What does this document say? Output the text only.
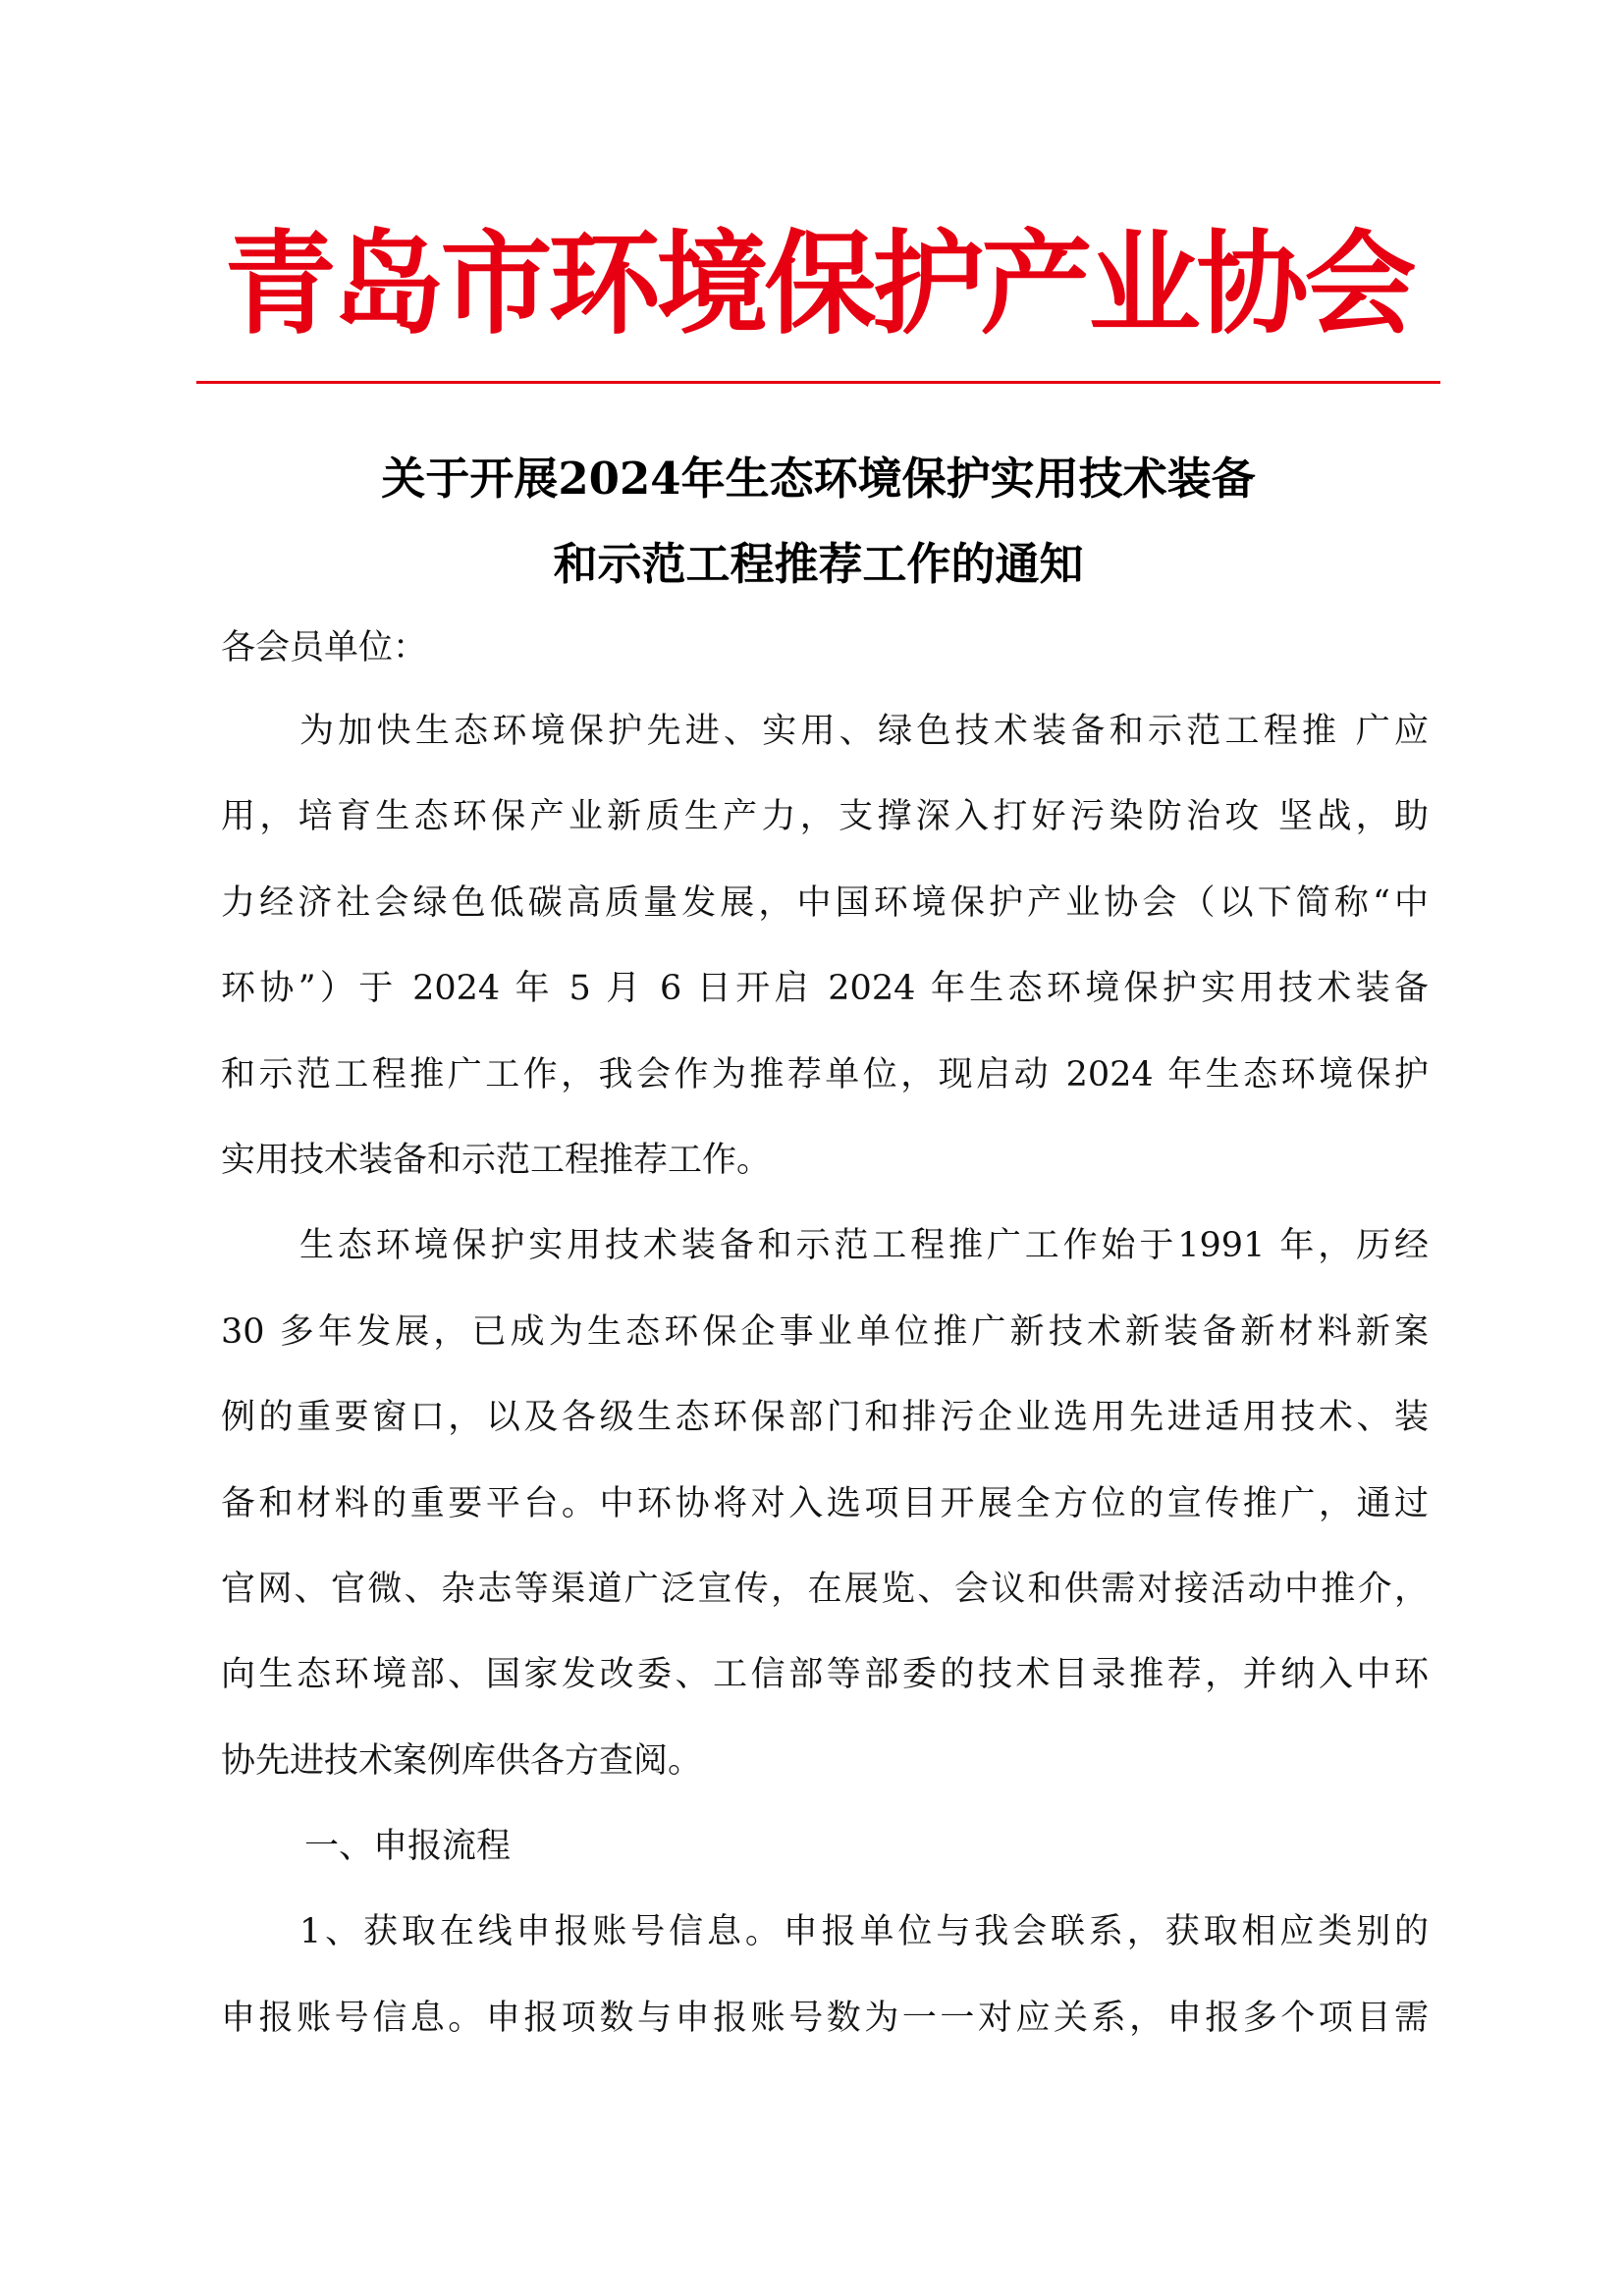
青岛市环境保护产业协会
关于开展2024年生态环境保护实用技术装备
和示范工程推荐工作的通知
各会员单位：
为加快生态环境保护先进、实用、绿色技术装备和示范工程推 广应
用，培育生态环保产业新质生产力，支撑深入打好污染防治攻 坚战，助
力经济社会绿色低碳高质量发展，中国环境保护产业协会（以下简称“中
环协”）于 2024 年 5 月 6 日开启 2024 年生态环境保护实用技术装备
和示范工程推广工作，我会作为推荐单位，现启动 2024 年生态环境保护
实用技术装备和示范工程推荐工作。
生态环境保护实用技术装备和示范工程推广工作始于1991 年，历经
30 多年发展，已成为生态环保企事业单位推广新技术新装备新材料新案
例的重要窗口，以及各级生态环保部门和排污企业选用先进适用技术、装
备和材料的重要平台。中环协将对入选项目开展全方位的宣传推广，通过
官网、官微、杂志等渠道广泛宣传，在展览、会议和供需对接活动中推介，
向生态环境部、国家发改委、工信部等部委的技术目录推荐，并纳入中环
协先进技术案例库供各方查阅。
一、申报流程
1、获取在线申报账号信息。申报单位与我会联系，获取相应类别的
申报账号信息。申报项数与申报账号数为一一对应关系，申报多个项目需
